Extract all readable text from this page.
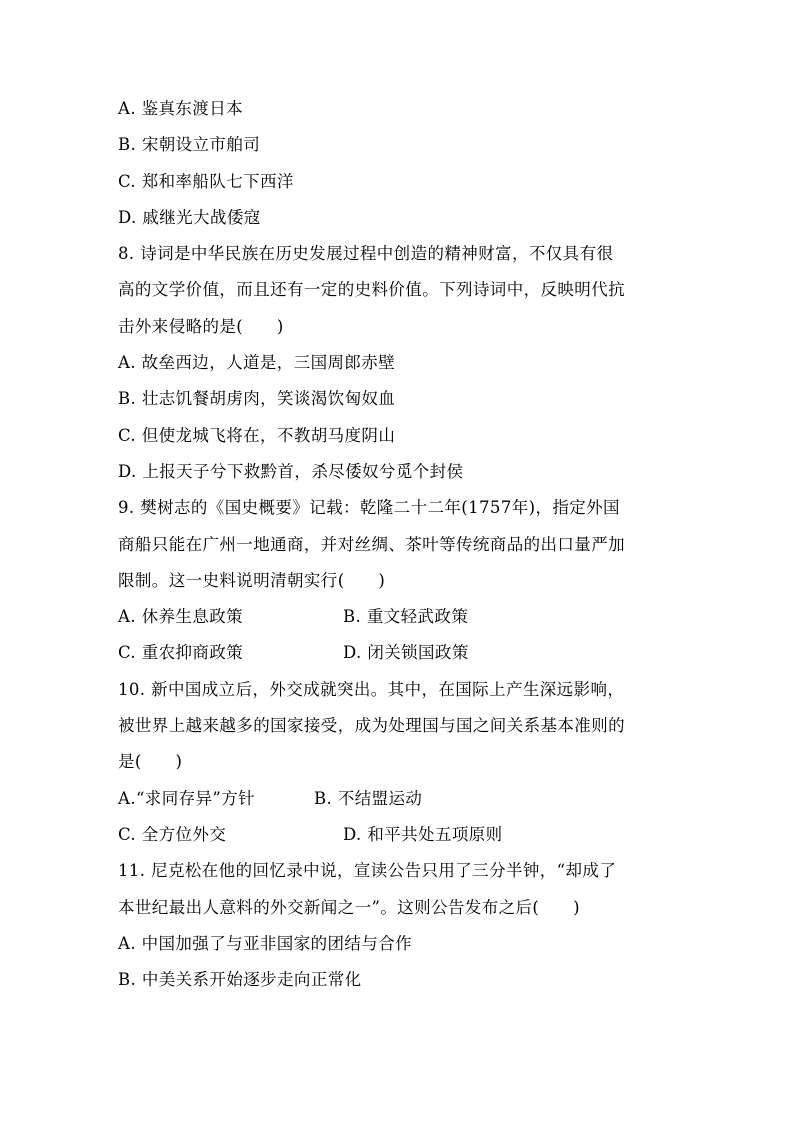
A. 鉴真东渡日本
B. 宋朝设立市舶司
C. 郑和率船队七下西洋
D. 戚继光大战倭寇
8. 诗词是中华民族在历史发展过程中创造的精神财富，不仅具有很
高的文学价值，而且还有一定的史料价值。下列诗词中，反映明代抗
击外来侵略的是(　　)
A. 故垒西边，人道是，三国周郎赤壁
B. 壮志饥餐胡虏肉，笑谈渴饮匈奴血
C. 但使龙城飞将在，不教胡马度阴山
D. 上报天子兮下救黔首，杀尽倭奴兮觅个封侯
9. 樊树志的《国史概要》记载：乾隆二十二年(1757年)，指定外国
商船只能在广州一地通商，并对丝绸、茶叶等传统商品的出口量严加
限制。这一史料说明清朝实行(　　)
A. 休养生息政策	B. 重文轻武政策
C. 重农抑商政策	D. 闭关锁国政策
10. 新中国成立后，外交成就突出。其中，在国际上产生深远影响，
被世界上越来越多的国家接受，成为处理国与国之间关系基本准则的
是(　　)
A.“求同存异”方针	B. 不结盟运动
C. 全方位外交	D. 和平共处五项原则
11. 尼克松在他的回忆录中说，宣读公告只用了三分半钟，“却成了
本世纪最出人意料的外交新闻之一”。这则公告发布之后(　　)
A. 中国加强了与亚非国家的团结与合作
B. 中美关系开始逐步走向正常化
